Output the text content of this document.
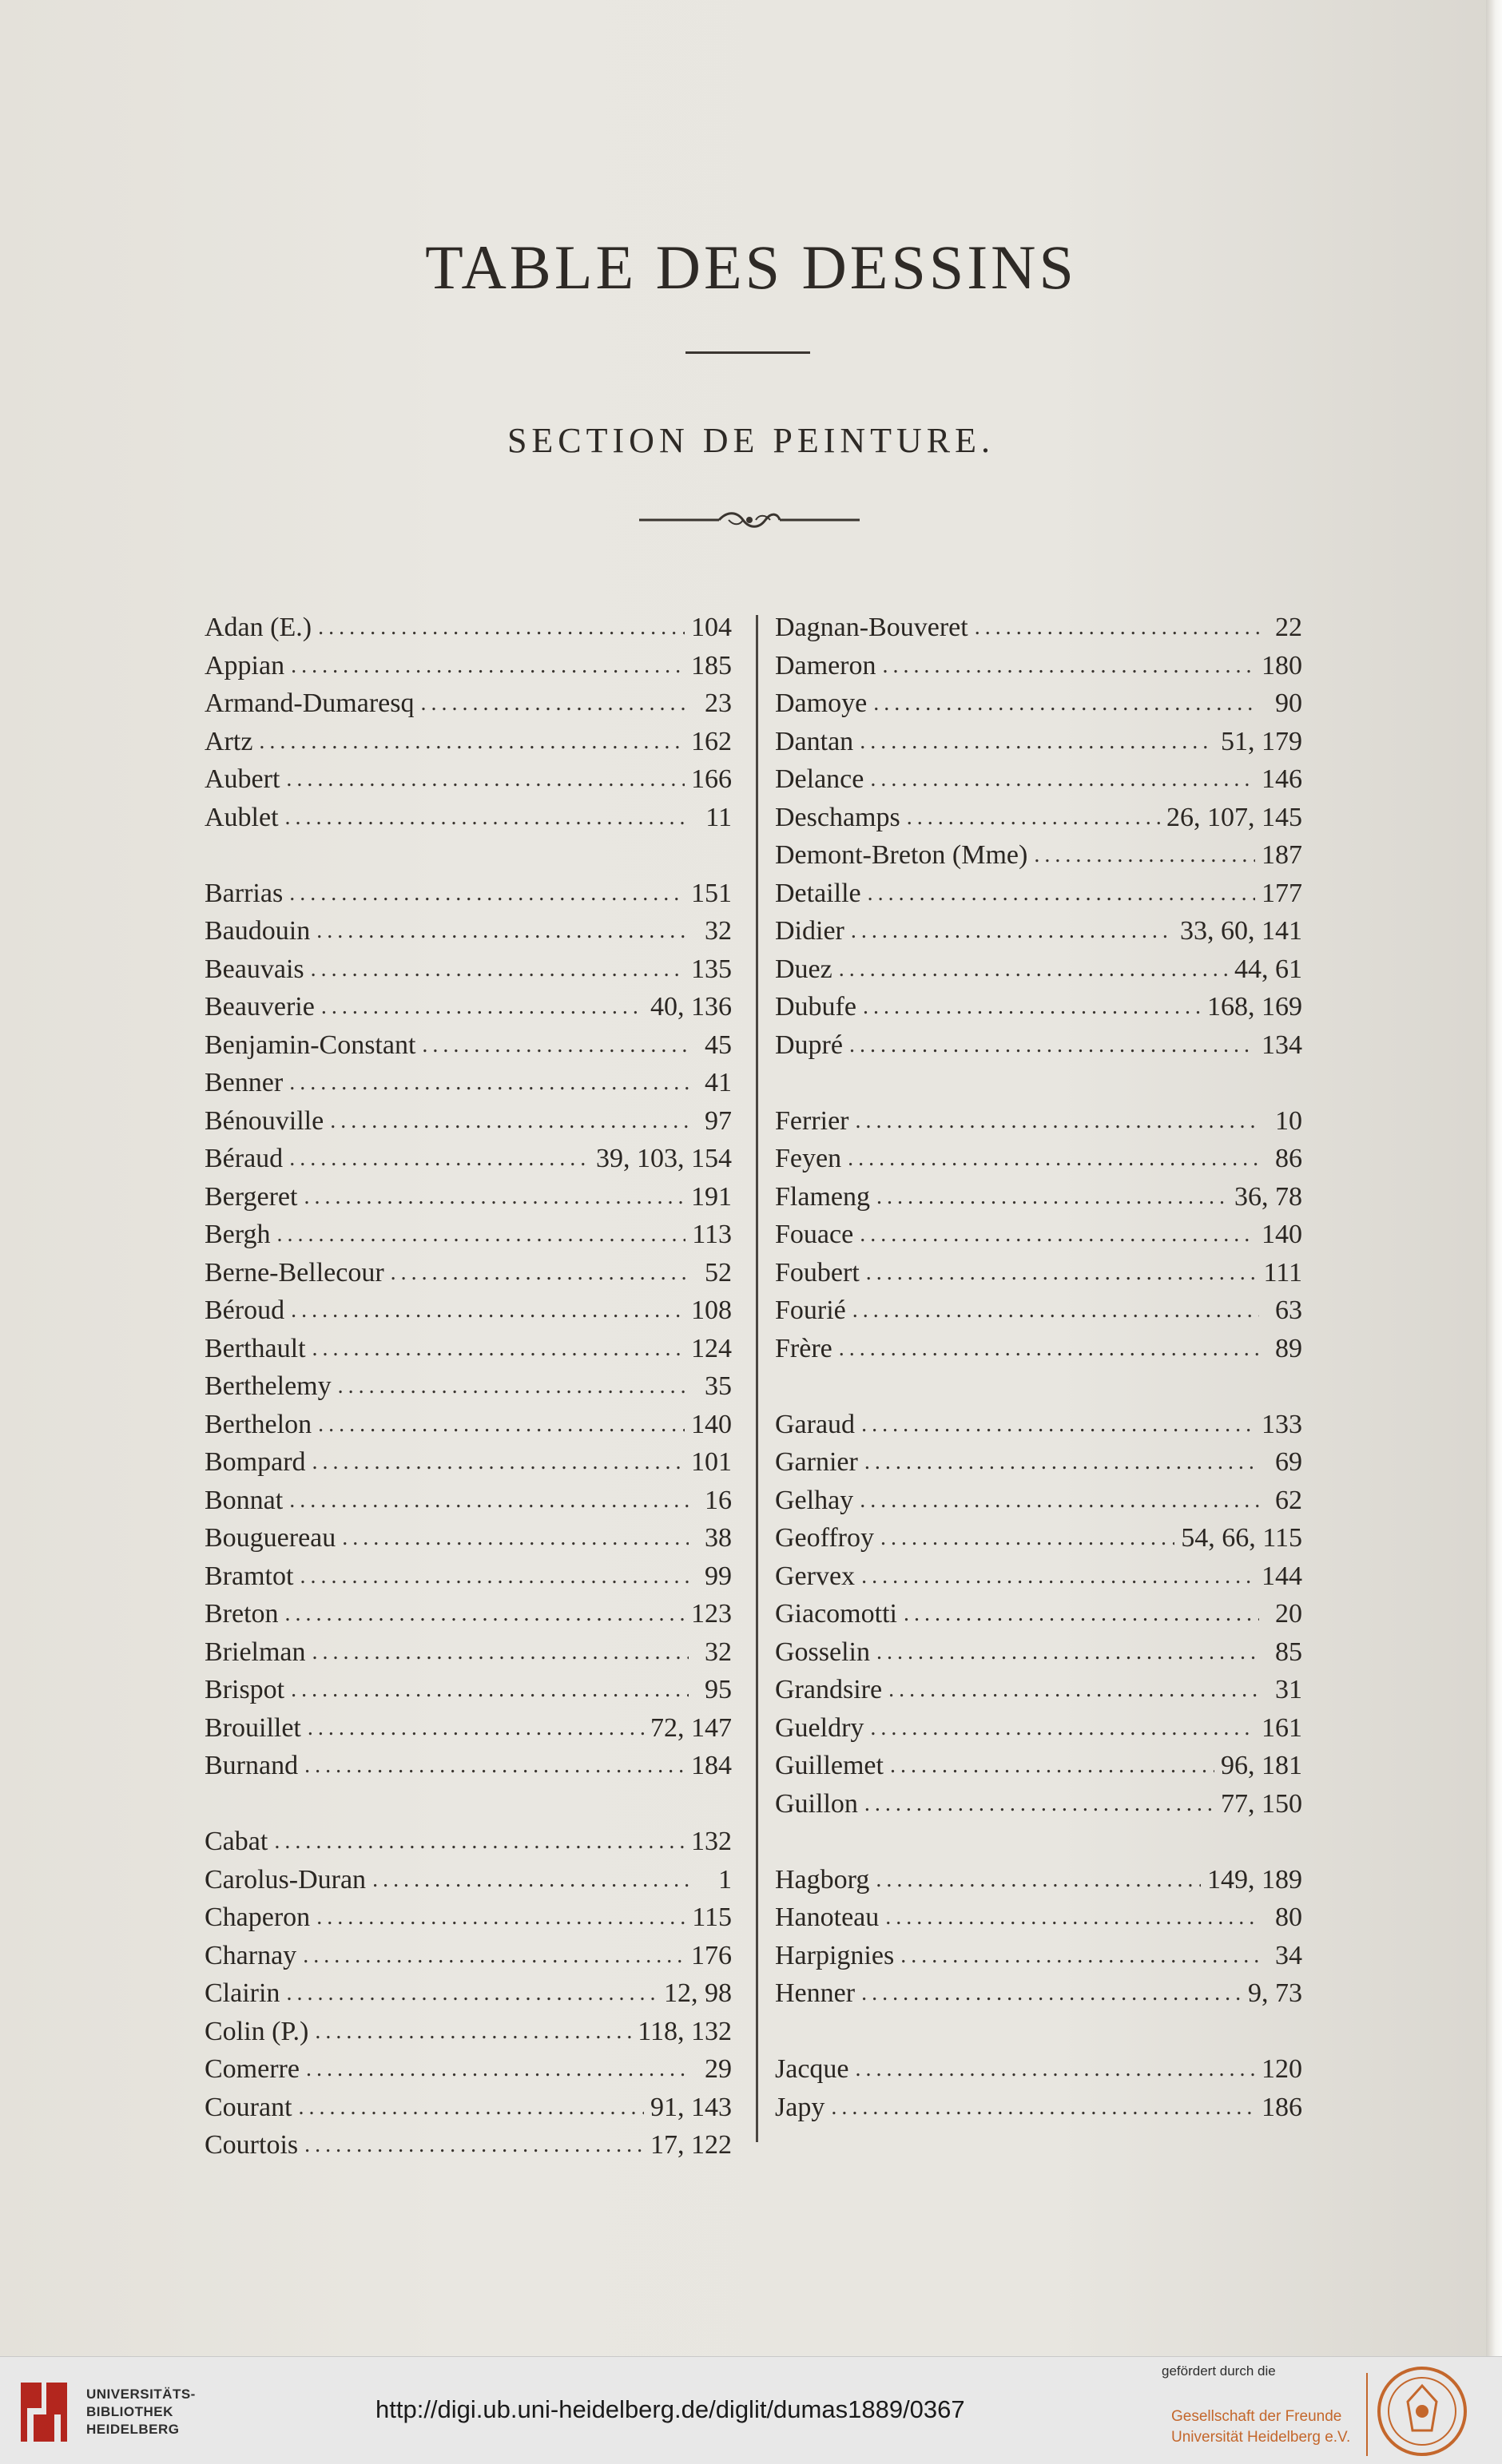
TABLE DES DESSINS
SECTION DE PEINTURE.
Adan (E.) .....	104
Appian .....	185
Armand-Dumaresq .....	23
Artz .....	162
Aubert .....	166
Aublet .....	11
Barrias .....	151
Baudouin .....	32
Beauvais .....	135
Beauverie .....	40, 136
Benjamin-Constant .....	45
Benner .....	41
Bénouville .....	97
Béraud .....	39, 103, 154
Bergeret .....	191
Bergh .....	113
Berne-Bellecour .....	52
Béroud .....	108
Berthault .....	124
Berthelemy .....	35
Berthelon .....	140
Bompard .....	101
Bonnat .....	16
Bouguereau .....	38
Bramtot .....	99
Breton .....	123
Brielman .....	32
Brispot .....	95
Brouillet .....	72, 147
Burnand .....	184
Cabat .....	132
Carolus-Duran .....	1
Chaperon .....	115
Charnay .....	176
Clairin .....	12, 98
Colin (P.) .....	118, 132
Comerre .....	29
Courant .....	91, 143
Courtois .....	17, 122
Dagnan-Bouveret .....	22
Dameron .....	180
Damoye .....	90
Dantan .....	51, 179
Delance .....	146
Deschamps .....	26, 107, 145
Demont-Breton (Mme) .....	187
Detaille .....	177
Didier .....	33, 60, 141
Duez .....	44, 61
Dubufe .....	168, 169
Dupré .....	134
Ferrier .....	10
Feyen .....	86
Flameng .....	36, 78
Fouace .....	140
Foubert .....	111
Fourié .....	63
Frère .....	89
Garaud .....	133
Garnier .....	69
Gelhay .....	62
Geoffroy .....	54, 66, 115
Gervex .....	144
Giacomotti .....	20
Gosselin .....	85
Grandsire .....	31
Gueldry .....	161
Guillemet .....	96, 181
Guillon .....	77, 150
Hagborg .....	149, 189
Hanoteau .....	80
Harpignies .....	34
Henner .....	9, 73
Jacque .....	120
Japy .....	186
UNIVERSITÄTS-
BIBLIOTHEK
HEIDELBERG
http://digi.ub.uni-heidelberg.de/diglit/dumas1889/0367
gefördert durch die
Gesellschaft der Freunde
Universität Heidelberg e.V.
